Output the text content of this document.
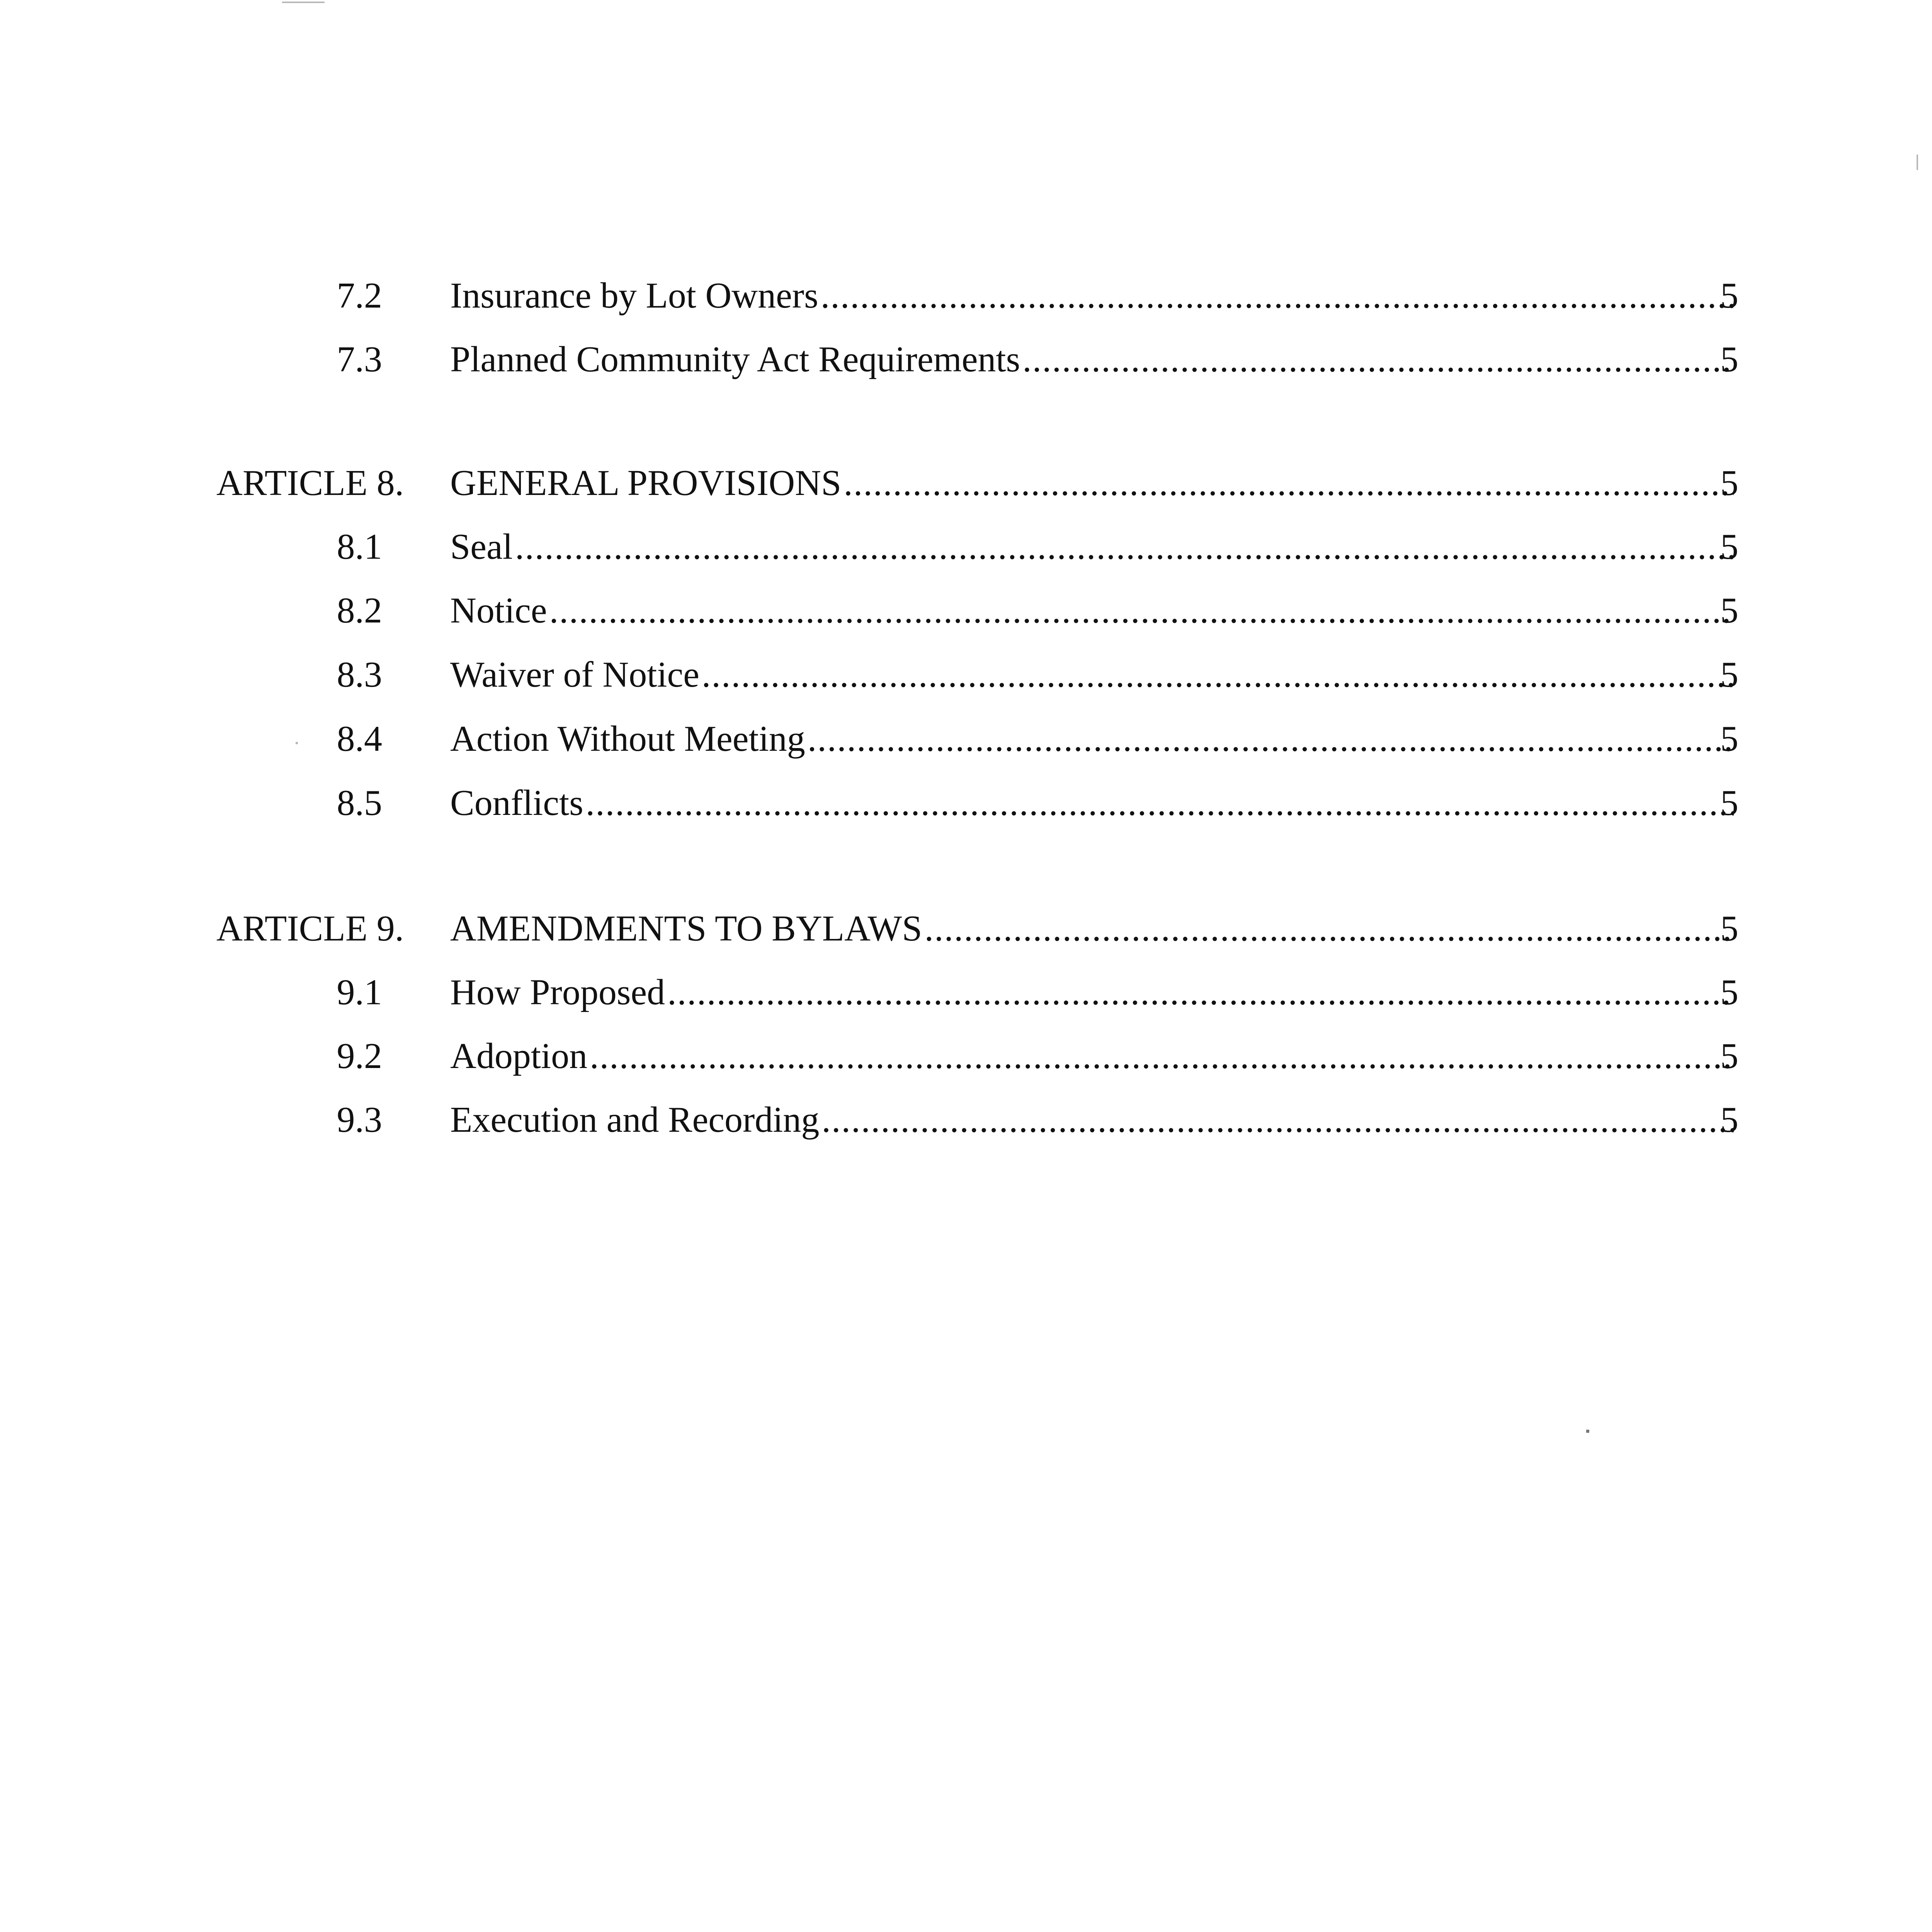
7.2 Insurance by Lot Owners .....	5
7.3 Planned Community Act Requirements .....	5
ARTICLE 8. GENERAL PROVISIONS .....	5
8.1 Seal .....	5
8.2 Notice .....	5
8.3 Waiver of Notice .....	5
8.4 Action Without Meeting .....	5
8.5 Conflicts .....	5
ARTICLE 9. AMENDMENTS TO BYLAWS .....	5
9.1 How Proposed .....	5
9.2 Adoption .....	5
9.3 Execution and Recording .....	5
